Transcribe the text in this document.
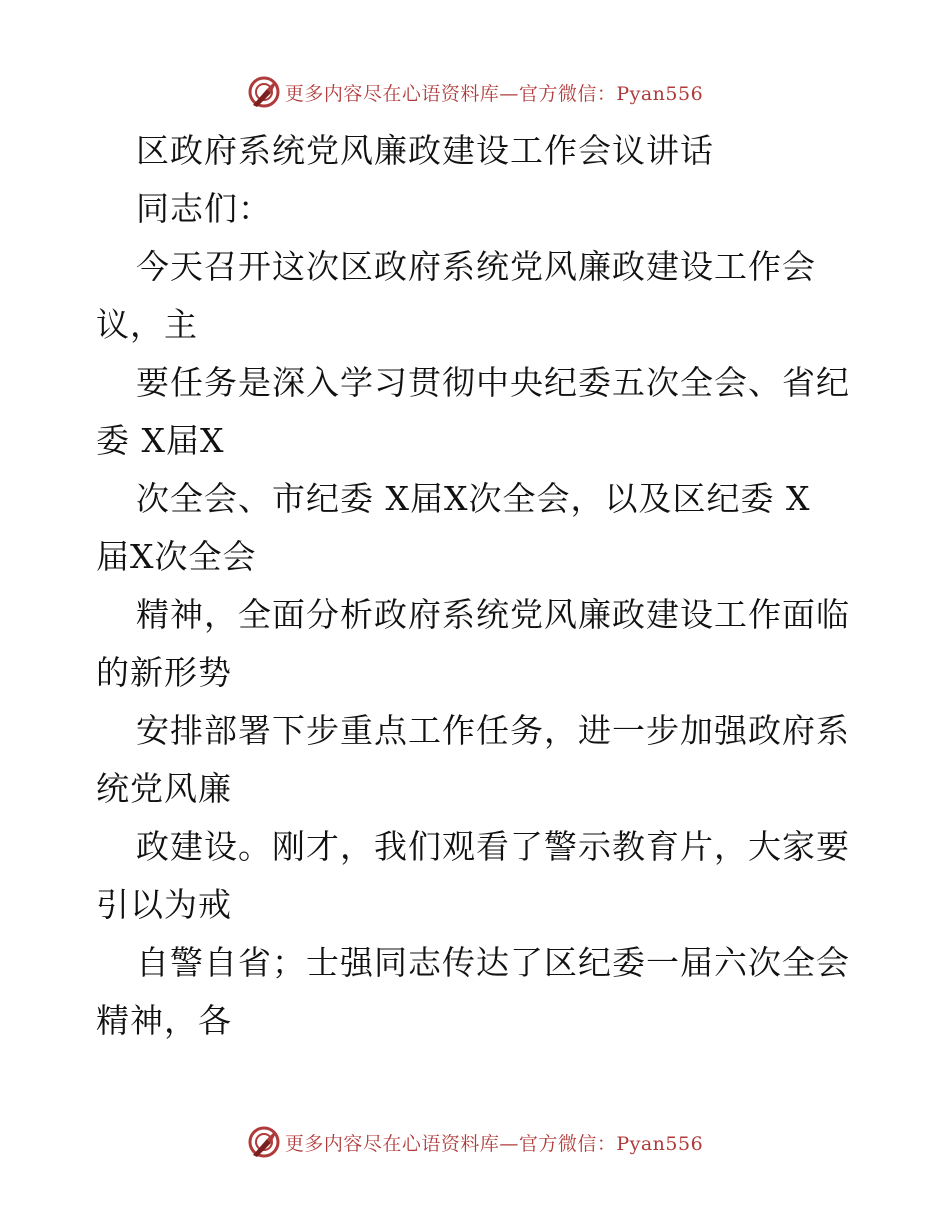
更多内容尽在心语资料库—官方微信：Pyan556
区政府系统党风廉政建设工作会议讲话
同志们：
今天召开这次区政府系统党风廉政建设工作会
议，主
要任务是深入学习贯彻中央纪委五次全会、省纪
委 X届X
次全会、市纪委 X届X次全会，以及区纪委 X
届X次全会
精神，全面分析政府系统党风廉政建设工作面临
的新形势
安排部署下步重点工作任务，进一步加强政府系
统党风廉
政建设。刚才，我们观看了警示教育片，大家要
引以为戒
自警自省；士强同志传达了区纪委一届六次全会
精神，各
更多内容尽在心语资料库—官方微信：Pyan556
